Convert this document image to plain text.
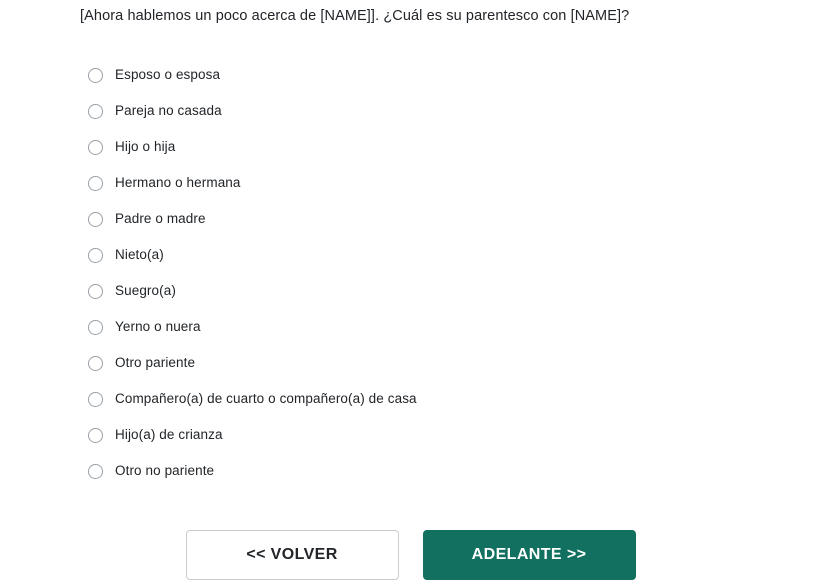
[Ahora hablemos un poco acerca de [NAME]]. ¿Cuál es su parentesco con [NAME]?
Esposo o esposa
Pareja no casada
Hijo o hija
Hermano o hermana
Padre o madre
Nieto(a)
Suegro(a)
Yerno o nuera
Otro pariente
Compañero(a) de cuarto o compañero(a) de casa
Hijo(a) de crianza
Otro no pariente
<< VOLVER	ADELANTE >>
